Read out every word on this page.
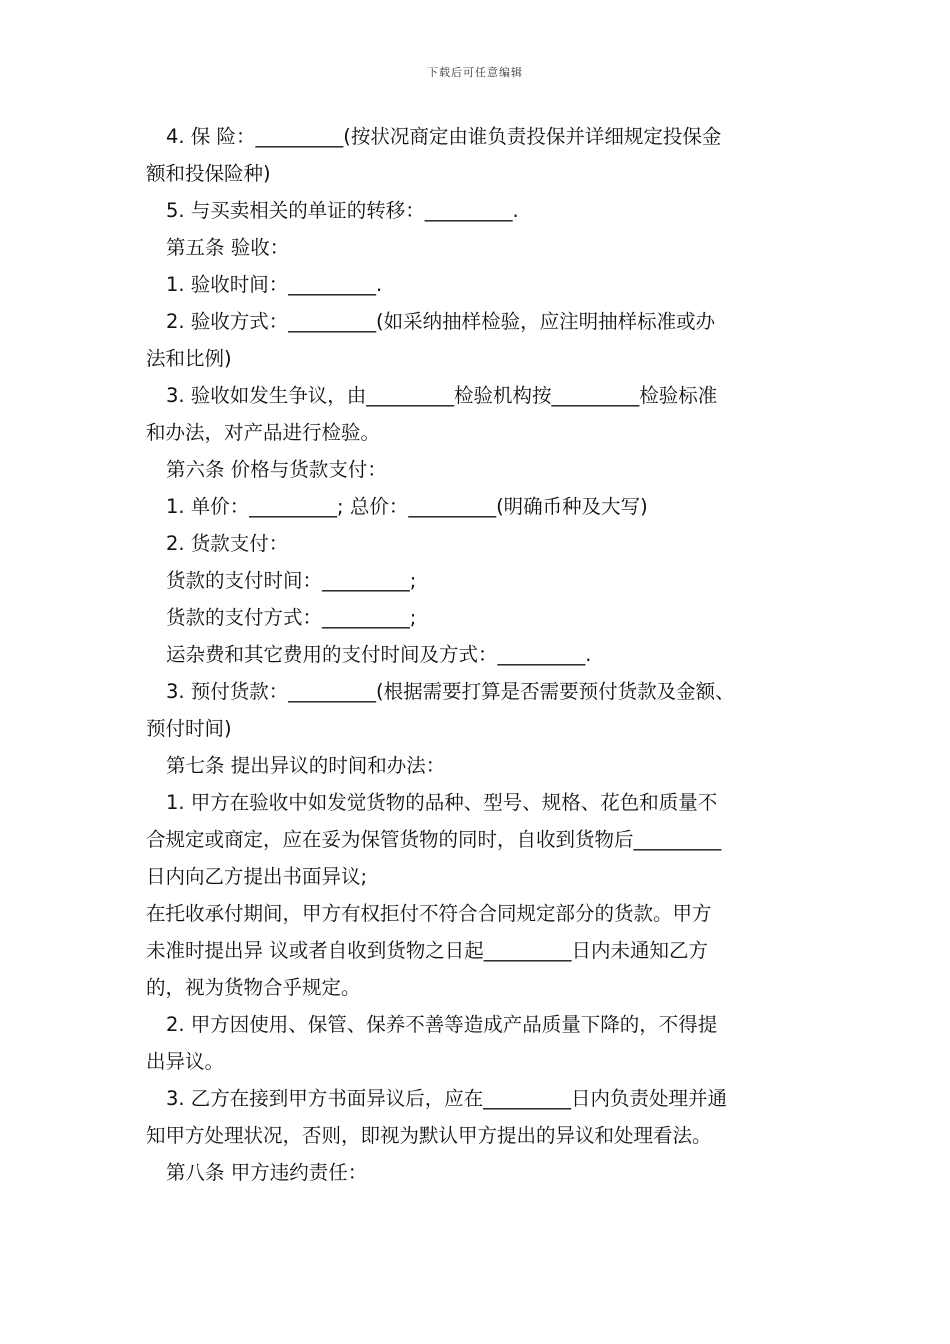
下载后可任意编辑
4. 保 险：_________(按状况商定由谁负责投保并详细规定投保金
额和投保险种)
5. 与买卖相关的单证的转移：_________.
第五条 验收：
1. 验收时间：_________.
2. 验收方式：_________(如采纳抽样检验，应注明抽样标准或办
法和比例)
3. 验收如发生争议，由_________检验机构按_________检验标准
和办法，对产品进行检验。
第六条 价格与货款支付：
1. 单价：_________; 总价：_________(明确币种及大写)
2. 货款支付：
货款的支付时间：_________;
货款的支付方式：_________;
运杂费和其它费用的支付时间及方式：_________.
3. 预付货款：_________(根据需要打算是否需要预付货款及金额、
预付时间)
第七条 提出异议的时间和办法：
1. 甲方在验收中如发觉货物的品种、型号、规格、花色和质量不
合规定或商定，应在妥为保管货物的同时，自收到货物后_________
日内向乙方提出书面异议;
在托收承付期间，甲方有权拒付不符合合同规定部分的货款。甲方
未准时提出异 议或者自收到货物之日起_________日内未通知乙方
的，视为货物合乎规定。
2. 甲方因使用、保管、保养不善等造成产品质量下降的，不得提
出异议。
3. 乙方在接到甲方书面异议后，应在_________日内负责处理并通
知甲方处理状况，否则，即视为默认甲方提出的异议和处理看法。
第八条 甲方违约责任：
